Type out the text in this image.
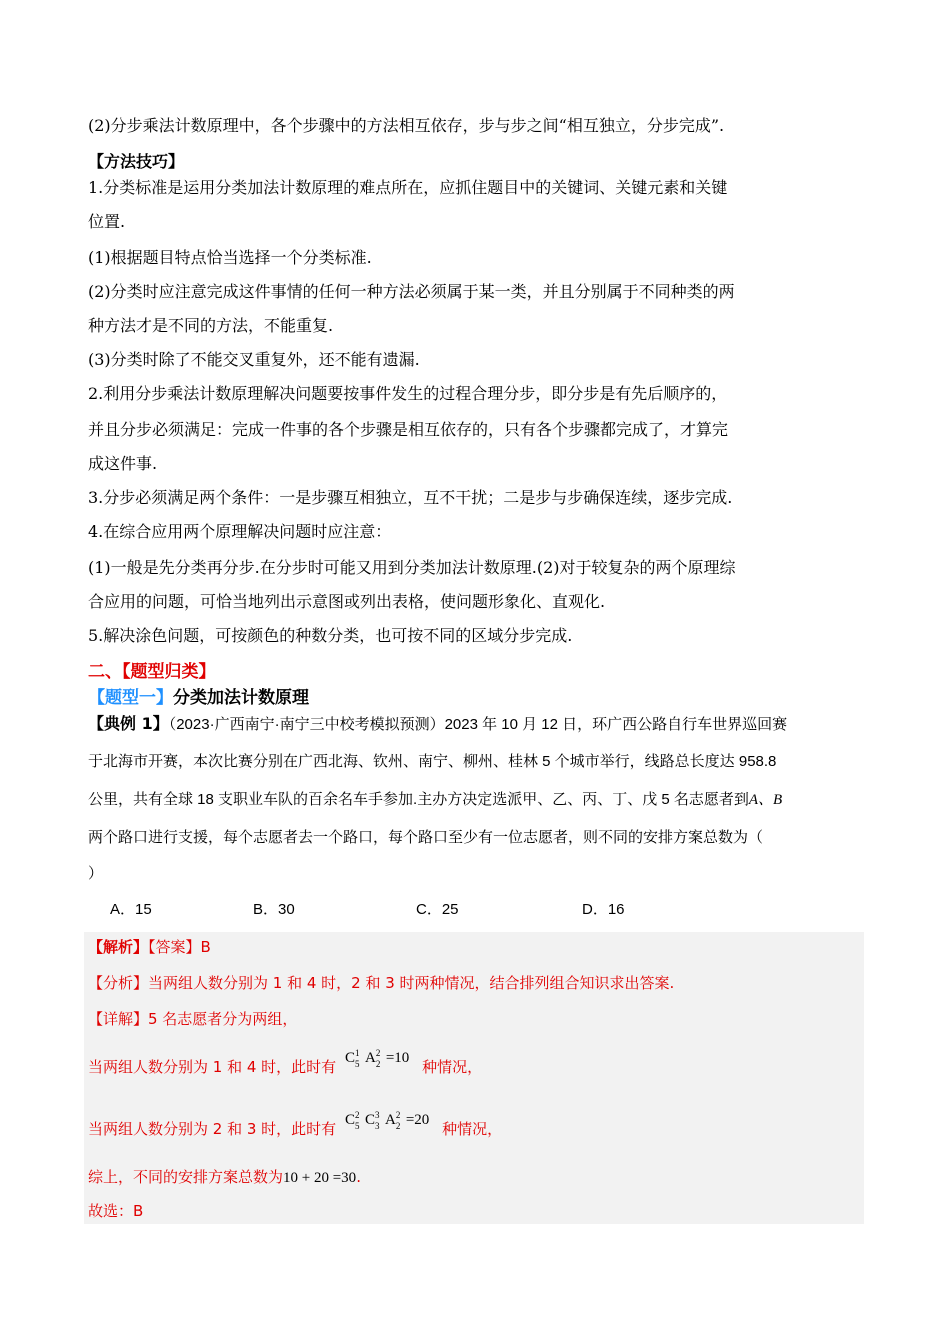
(2)分步乘法计数原理中，各个步骤中的方法相互依存，步与步之间“相互独立，分步完成”.
【方法技巧】
1.分类标准是运用分类加法计数原理的难点所在，应抓住题目中的关键词、关键元素和关键
位置.
(1)根据题目特点恰当选择一个分类标准.
(2)分类时应注意完成这件事情的任何一种方法必须属于某一类，并且分别属于不同种类的两
种方法才是不同的方法，不能重复.
(3)分类时除了不能交叉重复外，还不能有遗漏.
2.利用分步乘法计数原理解决问题要按事件发生的过程合理分步，即分步是有先后顺序的，
并且分步必须满足：完成一件事的各个步骤是相互依存的，只有各个步骤都完成了，才算完
成这件事.
3.分步必须满足两个条件：一是步骤互相独立，互不干扰；二是步与步确保连续，逐步完成.
4.在综合应用两个原理解决问题时应注意：
(1)一般是先分类再分步.在分步时可能又用到分类加法计数原理.(2)对于较复杂的两个原理综
合应用的问题，可恰当地列出示意图或列出表格，使问题形象化、直观化.
5.解决涂色问题，可按颜色的种数分类，也可按不同的区域分步完成.
二、【题型归类】
【题型一】分类加法计数原理
【典例 1】（2023·广西南宁·南宁三中校考模拟预测）2023 年 10 月 12 日，环广西公路自行车世界巡回赛
于北海市开赛，本次比赛分别在广西北海、钦州、南宁、柳州、桂林 5 个城市举行，线路总长度达 958.8
公里，共有全球 18 支职业车队的百余名车手参加.主办方决定选派甲、乙、丙、丁、戊 5 名志愿者到A、B
两个路口进行支援，每个志愿者去一个路口，每个路口至少有一位志愿者，则不同的安排方案总数为（
）
A．15	B．30	C．25	D．16
【解析】【答案】B
【分析】当两组人数分别为 1 和 4 时，2 和 3 时两种情况，结合排列组合知识求出答案.
【详解】5 名志愿者分为两组，
当两组人数分别为 1 和 4 时，此时有 C 1
5 A 2
2 =10 种情况，
当两组人数分别为 2 和 3 时，此时有 C 2
5 C 3
3 A 2
2 =20 种情况，
综上，不同的安排方案总数为10 + 20 =30.
故选：B
